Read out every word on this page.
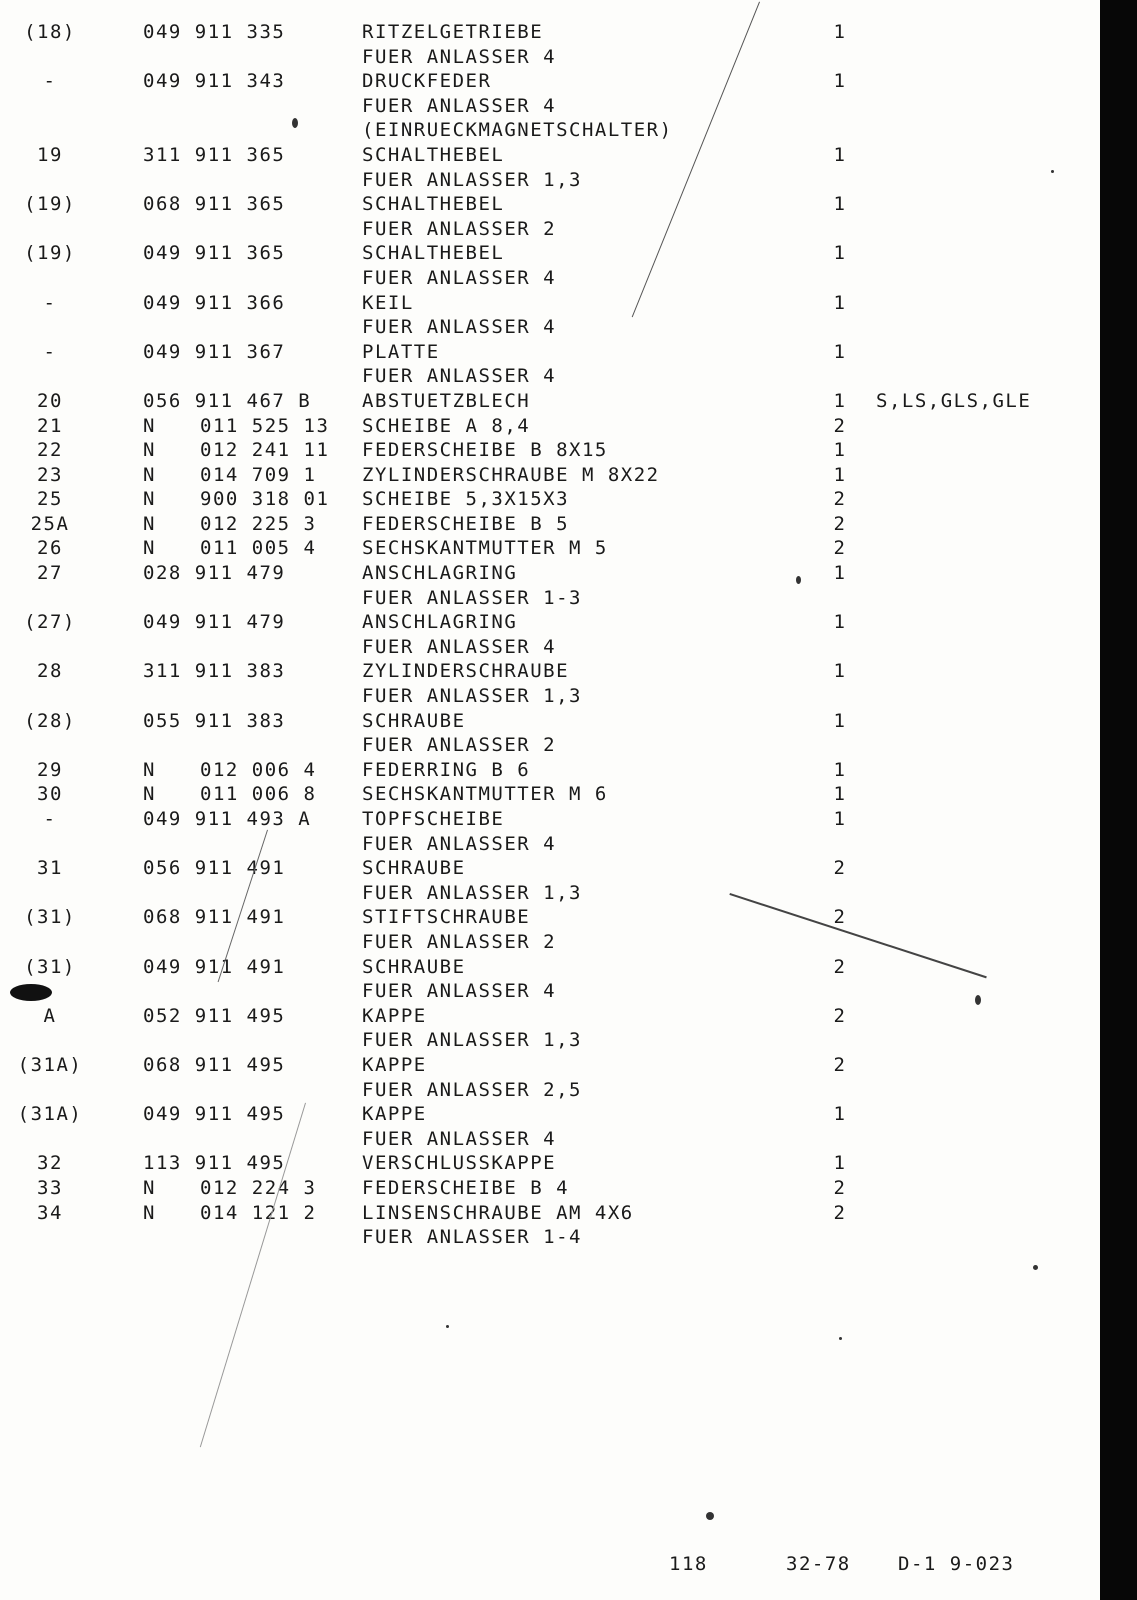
(18)	049 911 335	RITZELGETRIEBE	1
FUER ANLASSER 4
-	049 911 343	DRUCKFEDER	1
FUER ANLASSER 4
(EINRUECKMAGNETSCHALTER)
19	311 911 365	SCHALTHEBEL	1
FUER ANLASSER 1,3
(19)	068 911 365	SCHALTHEBEL	1
FUER ANLASSER 2
(19)	049 911 365	SCHALTHEBEL	1
FUER ANLASSER 4
-	049 911 366	KEIL	1
FUER ANLASSER 4
-	049 911 367	PLATTE	1
FUER ANLASSER 4
20	056 911 467 B	ABSTUETZBLECH	1	S,LS,GLS,GLE
21	N 011 525 13 SCHEIBE A 8,4	2
22	N 012 241 11 FEDERSCHEIBE B 8X15	1
23	N 014 709 1 ZYLINDERSCHRAUBE M 8X22	1
25	N 900 318 01 SCHEIBE 5,3X15X3	2
25A	N 012 225 3 FEDERSCHEIBE B 5	2
26	N 011 005 4 SECHSKANTMUTTER M 5	2
27	028 911 479	ANSCHLAGRING	1
FUER ANLASSER 1-3
(27)	049 911 479	ANSCHLAGRING	1
FUER ANLASSER 4
28	311 911 383	ZYLINDERSCHRAUBE	1
FUER ANLASSER 1,3
(28)	055 911 383	SCHRAUBE	1
FUER ANLASSER 2
29	N 012 006 4 FEDERRING B 6	1
30	N 011 006 8 SECHSKANTMUTTER M 6	1
-	049 911 493 A	TOPFSCHEIBE	1
FUER ANLASSER 4
31	056 911 491	SCHRAUBE	2
FUER ANLASSER 1,3
(31)	068 911 491	STIFTSCHRAUBE	2
FUER ANLASSER 2
(31)	049 911 491	SCHRAUBE	2
FUER ANLASSER 4
A	052 911 495	KAPPE	2
FUER ANLASSER 1,3
(31A)	068 911 495	KAPPE	2
FUER ANLASSER 2,5
(31A)	049 911 495	KAPPE	1
FUER ANLASSER 4
32	113 911 495	VERSCHLUSSKAPPE	1
33	N 012 224 3 FEDERSCHEIBE B 4	2
34	N 014 121 2 LINSENSCHRAUBE AM 4X6	2
FUER ANLASSER 1-4
118	32-78 D-1 9-023
